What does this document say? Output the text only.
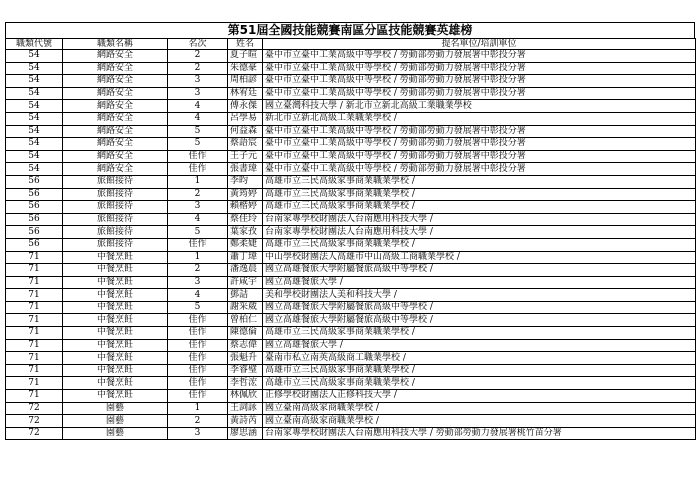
第51屆全國技能競賽南區分區技能競賽英雄榜
職類代號	職類名稱	名次	姓名	提名單位/培訓單位
54	網路安全	2	夏子暄	臺中市立臺中工業高級中等學校 / 勞動部勞動力發展署中彰投分署
54	網路安全	2	朱德豪	臺中市立臺中工業高級中等學校 / 勞動部勞動力發展署中彰投分署
54	網路安全	3	周柏諺	臺中市立臺中工業高級中等學校 / 勞動部勞動力發展署中彰投分署
54	網路安全	3	林宥廷	臺中市立臺中工業高級中等學校 / 勞動部勞動力發展署中彰投分署
54	網路安全	4	傅永傑	國立臺灣科技大學 / 新北市立新北高級工業職業學校
54	網路安全	4	呂學易	新北市立新北高級工業職業學校 /
54	網路安全	5	何益森	臺中市立臺中工業高級中等學校 / 勞動部勞動力發展署中彰投分署
54	網路安全	5	蔡語宸	臺中市立臺中工業高級中等學校 / 勞動部勞動力發展署中彰投分署
54	網路安全	佳作	王子元	臺中市立臺中工業高級中等學校 / 勞動部勞動力發展署中彰投分署
54	網路安全	佳作	張書瑋	臺中市立臺中工業高級中等學校 / 勞動部勞動力發展署中彰投分署
56	旅館接待	1	李昀	高雄市立三民高級家事商業職業學校 /
56	旅館接待	2	黃筠婷	高雄市立三民高級家事商業職業學校 /
56	旅館接待	3	賴楷婷	高雄市立三民高級家事商業職業學校 /
56	旅館接待	4	蔡佳玲	台南家專學校財團法人台南應用科技大學 /
56	旅館接待	5	葉家孜	台南家專學校財團法人台南應用科技大學 /
56	旅館接待	佳作	鄭柔婕	高雄市立三民高級家事商業職業學校 /
71	中餐烹飪	1	蕭丁瑋	中山學校財團法人高雄市中山高級工商職業學校 /
71	中餐烹飪	2	潘逸晨	國立高雄餐旅大學附屬餐旅高級中等學校 /
71	中餐烹飪	3	許咸宇	國立高雄餐旅大學 /
71	中餐烹飪	4	鄧詰	美和學校財團法人美和科技大學 /
71	中餐烹飪	5	謝采葳	國立高雄餐旅大學附屬餐旅高級中等學校 /
71	中餐烹飪	佳作	曾柏仁	國立高雄餐旅大學附屬餐旅高級中等學校 /
71	中餐烹飪	佳作	陳德倫	高雄市立三民高級家事商業職業學校 /
71	中餐烹飪	佳作	蔡志偉	國立高雄餐旅大學 /
71	中餐烹飪	佳作	張魁升	臺南市私立南英高級商工職業學校 /
71	中餐烹飪	佳作	李睿璧	高雄市立三民高級家事商業職業學校 /
71	中餐烹飪	佳作	李哲浤	高雄市立三民高級家事商業職業學校 /
71	中餐烹飪	佳作	林佩欣	正修學校財團法人正修科技大學 /
72	園藝	1	王詞詠	國立臺南高級家商職業學校 /
72	園藝	2	黃詩芮	國立臺南高級家商職業學校 /
72	園藝	3	廖思涵	台南家專學校財團法人台南應用科技大學 / 勞動部勞動力發展署桃竹苗分署
